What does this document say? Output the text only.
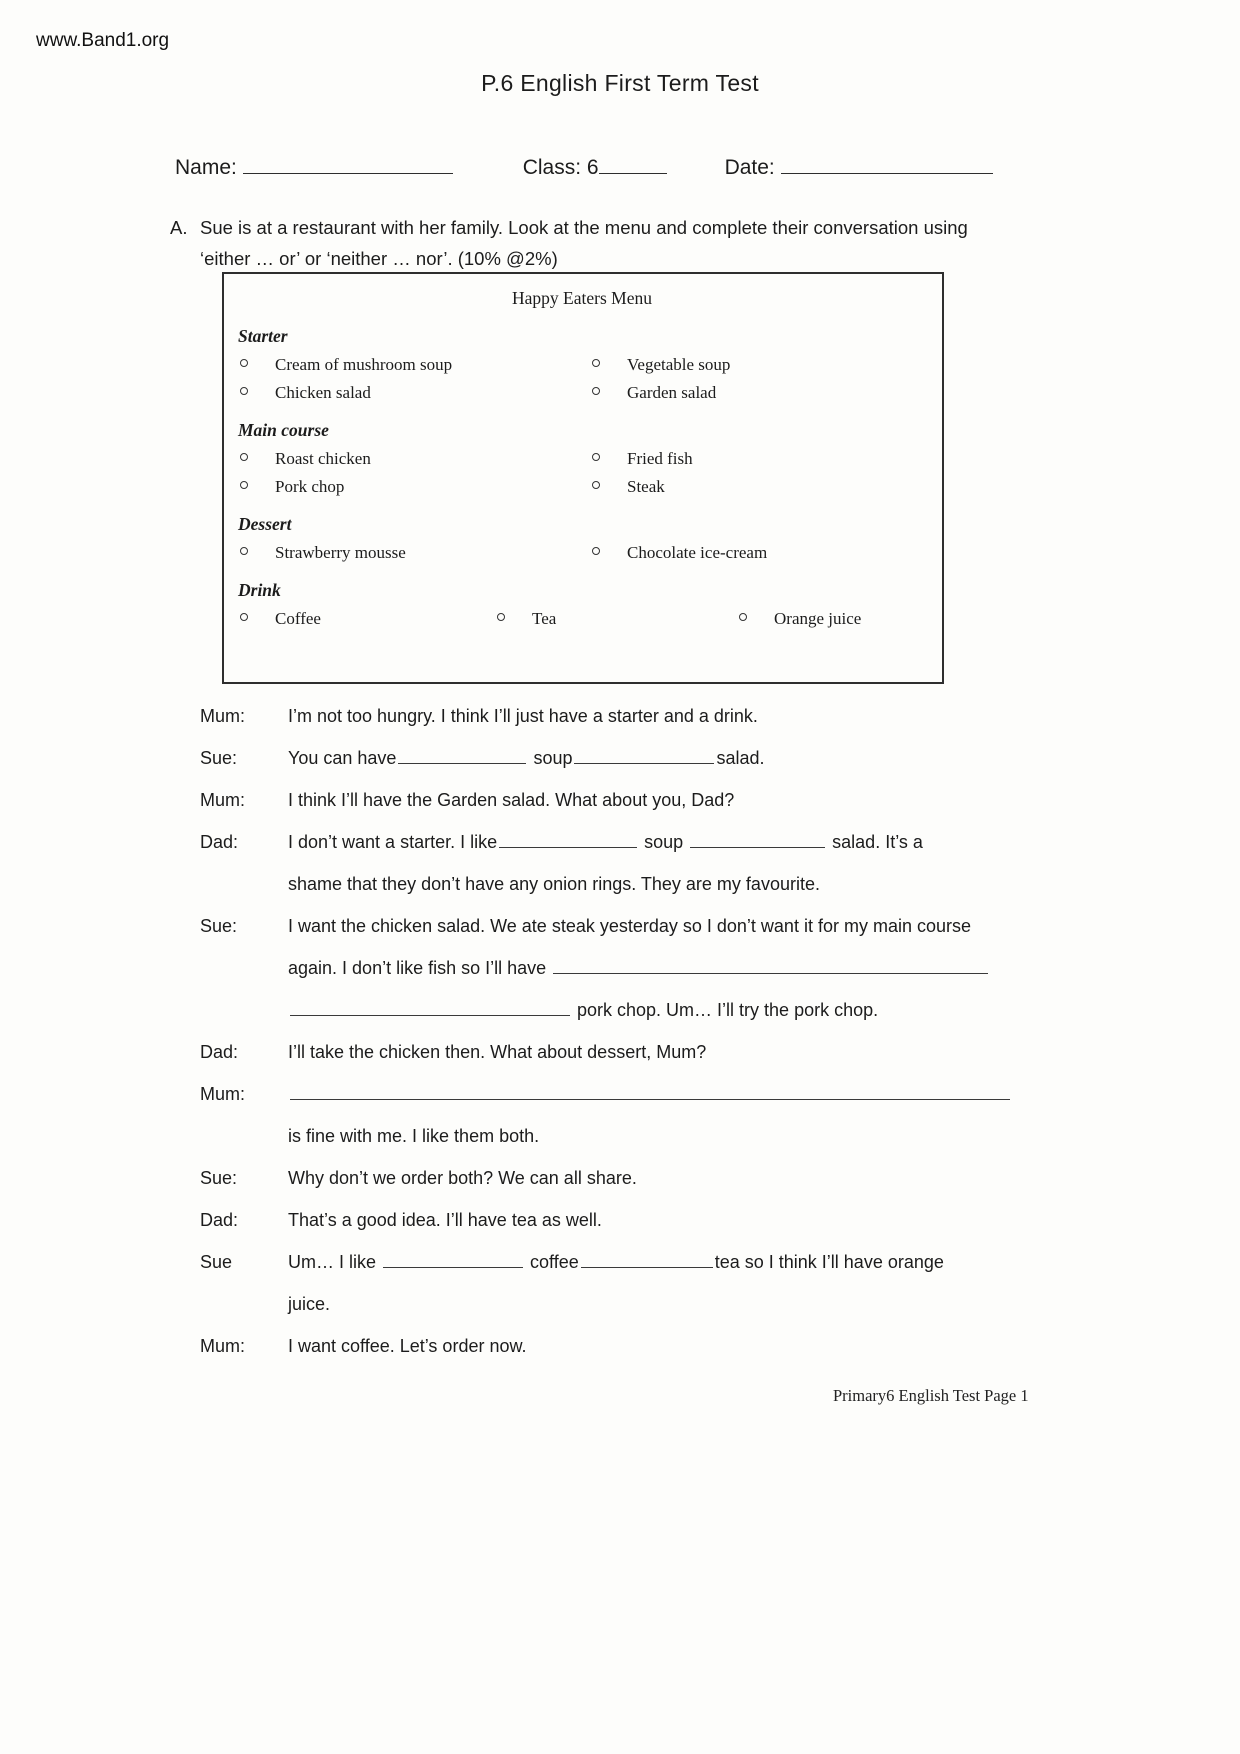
www.Band1.org
P.6 English First Term Test
Name:	Class: 6	Date:
A. Sue is at a restaurant with her family. Look at the menu and complete their conversation using
‘either … or’ or ‘neither … nor’. (10% @2%)
Happy Eaters Menu
Starter
Cream of mushroom soup	Vegetable soup
Chicken salad	Garden salad
Main course
Roast chicken	Fried fish
Pork chop	Steak
Dessert
Strawberry mousse	Chocolate ice-cream
Drink
Coffee	Tea	Orange juice
Mum:	I’m not too hungry. I think I’ll just have a starter and a drink.
Sue:	You can have	soup	salad.
Mum:	I think I’ll have the Garden salad. What about you, Dad?
Dad:	I don’t want a starter. I like	soup	salad. It’s a
shame that they don’t have any onion rings. They are my favourite.
Sue:	I want the chicken salad. We ate steak yesterday so I don’t want it for my main course
again. I don’t like fish so I’ll have
pork chop. Um… I’ll try the pork chop.
Dad:	I’ll take the chicken then. What about dessert, Mum?
Mum:
is fine with me. I like them both.
Sue:	Why don’t we order both? We can all share.
Dad:	That’s a good idea. I’ll have tea as well.
Sue	Um… I like	coffee	tea so I think I’ll have orange
juice.
Mum:	I want coffee. Let’s order now.
Primary6 English Test Page 1
